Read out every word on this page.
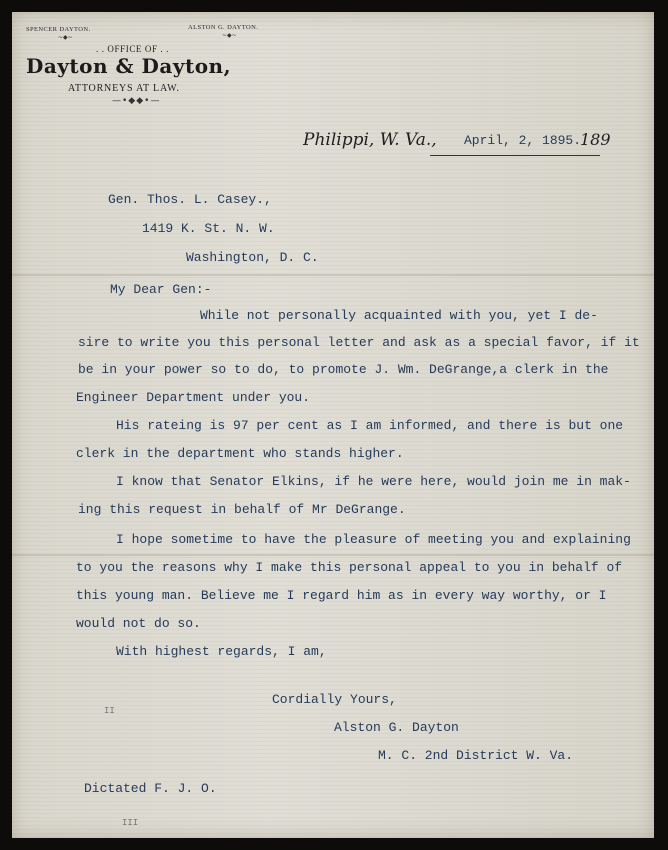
SPENCER DAYTON.
~◆~
ALSTON G. DAYTON.
~◆~
. . OFFICE OF . .
Dayton & Dayton,
ATTORNEYS AT LAW.
—•◆◆•—
Philippi, W. Va., April, 2, 1895.
189
Gen. Thos. L. Casey.,
1419 K. St. N. W.
Washington, D. C.
My Dear Gen:-
While not personally acquainted with you, yet I de-
sire to write you this personal letter and ask as a special favor, if it
be in your power so to do, to promote J. Wm. DeGrange,a clerk in the
Engineer Department under you.
His rateing is 97 per cent as I am informed, and there is but one
clerk in the department who stands higher.
I know that Senator Elkins, if he were here, would join me in mak-
ing this request in behalf of Mr DeGrange.
I hope sometime to have the pleasure of meeting you and explaining
to you the reasons why I make this personal appeal to you in behalf of
this young man. Believe me I regard him as in every way worthy, or I
would not do so.
With highest regards, I am,
Cordially Yours,
Alston G. Dayton
M. C. 2nd District W. Va.
Dictated F. J. O.
II
III
